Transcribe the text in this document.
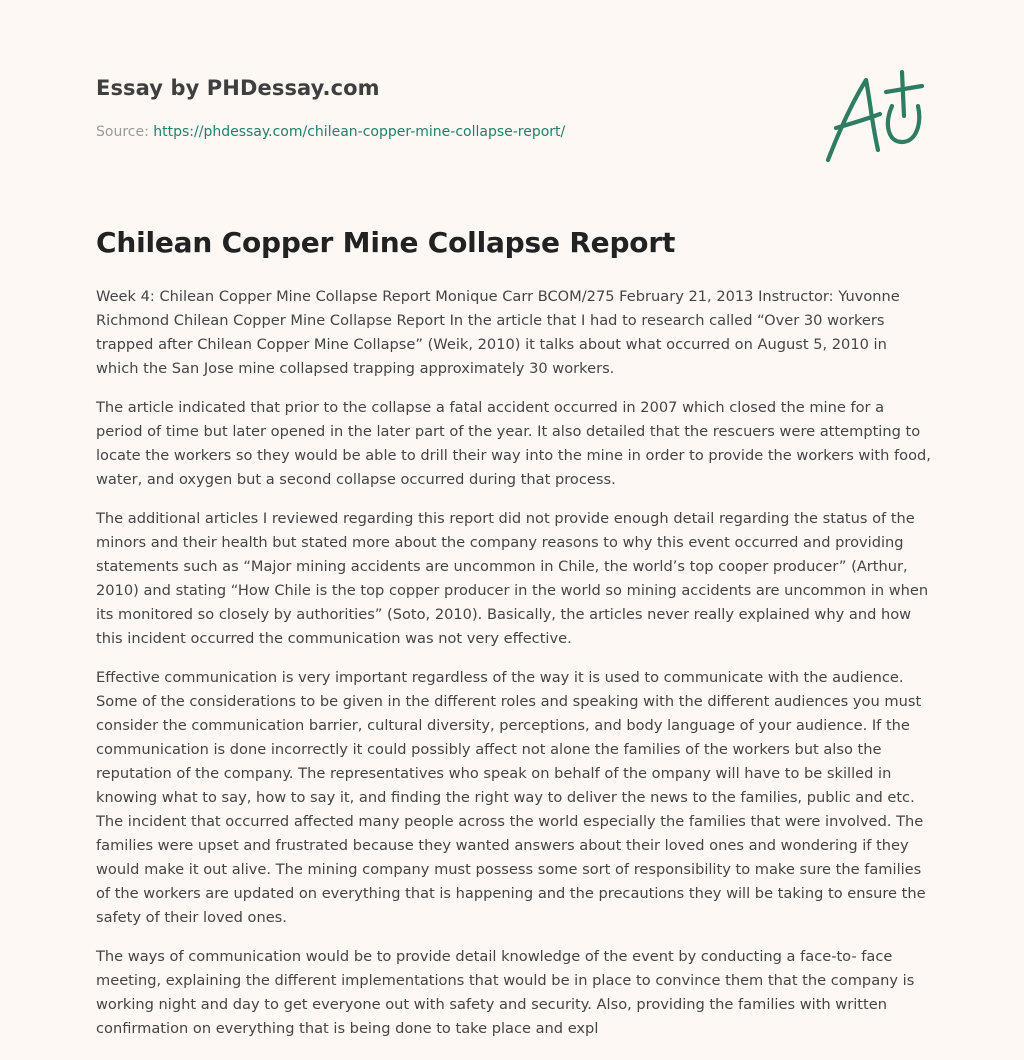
Essay by PHDessay.com
Source: https://phdessay.com/chilean-copper-mine-collapse-report/
Chilean Copper Mine Collapse Report

Week 4: Chilean Copper Mine Collapse Report Monique Carr BCOM/275 February 21, 2013 Instructor: Yuvonne Richmond Chilean Copper Mine Collapse Report In the article that I had to research called “Over 30 workers trapped after Chilean Copper Mine Collapse” (Weik, 2010) it talks about what occurred on August 5, 2010 in which the San Jose mine collapsed trapping approximately 30 workers.

The article indicated that prior to the collapse a fatal accident occurred in 2007 which closed the mine for a period of time but later opened in the later part of the year. It also detailed that the rescuers were attempting to locate the workers so they would be able to drill their way into the mine in order to provide the workers with food, water, and oxygen but a second collapse occurred during that process.

The additional articles I reviewed regarding this report did not provide enough detail regarding the status of the minors and their health but stated more about the company reasons to why this event occurred and providing statements such as “Major mining accidents are uncommon in Chile, the world’s top cooper producer” (Arthur, 2010) and stating “How Chile is the top copper producer in the world so mining accidents are uncommon in when its monitored so closely by authorities” (Soto, 2010). Basically, the articles never really explained why and how this incident occurred the communication was not very effective.

Effective communication is very important regardless of the way it is used to communicate with the audience. Some of the considerations to be given in the different roles and speaking with the different audiences you must consider the communication barrier, cultural diversity, perceptions, and body language of your audience. If the communication is done incorrectly it could possibly affect not alone the families of the workers but also the reputation of the company. The representatives who speak on behalf of the ompany will have to be skilled in knowing what to say, how to say it, and finding the right way to deliver the news to the families, public and etc. The incident that occurred affected many people across the world especially the families that were involved. The families were upset and frustrated because they wanted answers about their loved ones and wondering if they would make it out alive. The mining company must possess some sort of responsibility to make sure the families of the workers are updated on everything that is happening and the precautions they will be taking to ensure the safety of their loved ones.

The ways of communication would be to provide detail knowledge of the event by conducting a face-to- face meeting, explaining the different implementations that would be in place to convince them that the company is working night and day to get everyone out with safety and security. Also, providing the families with written confirmation on everything that is being done to take place and expl
